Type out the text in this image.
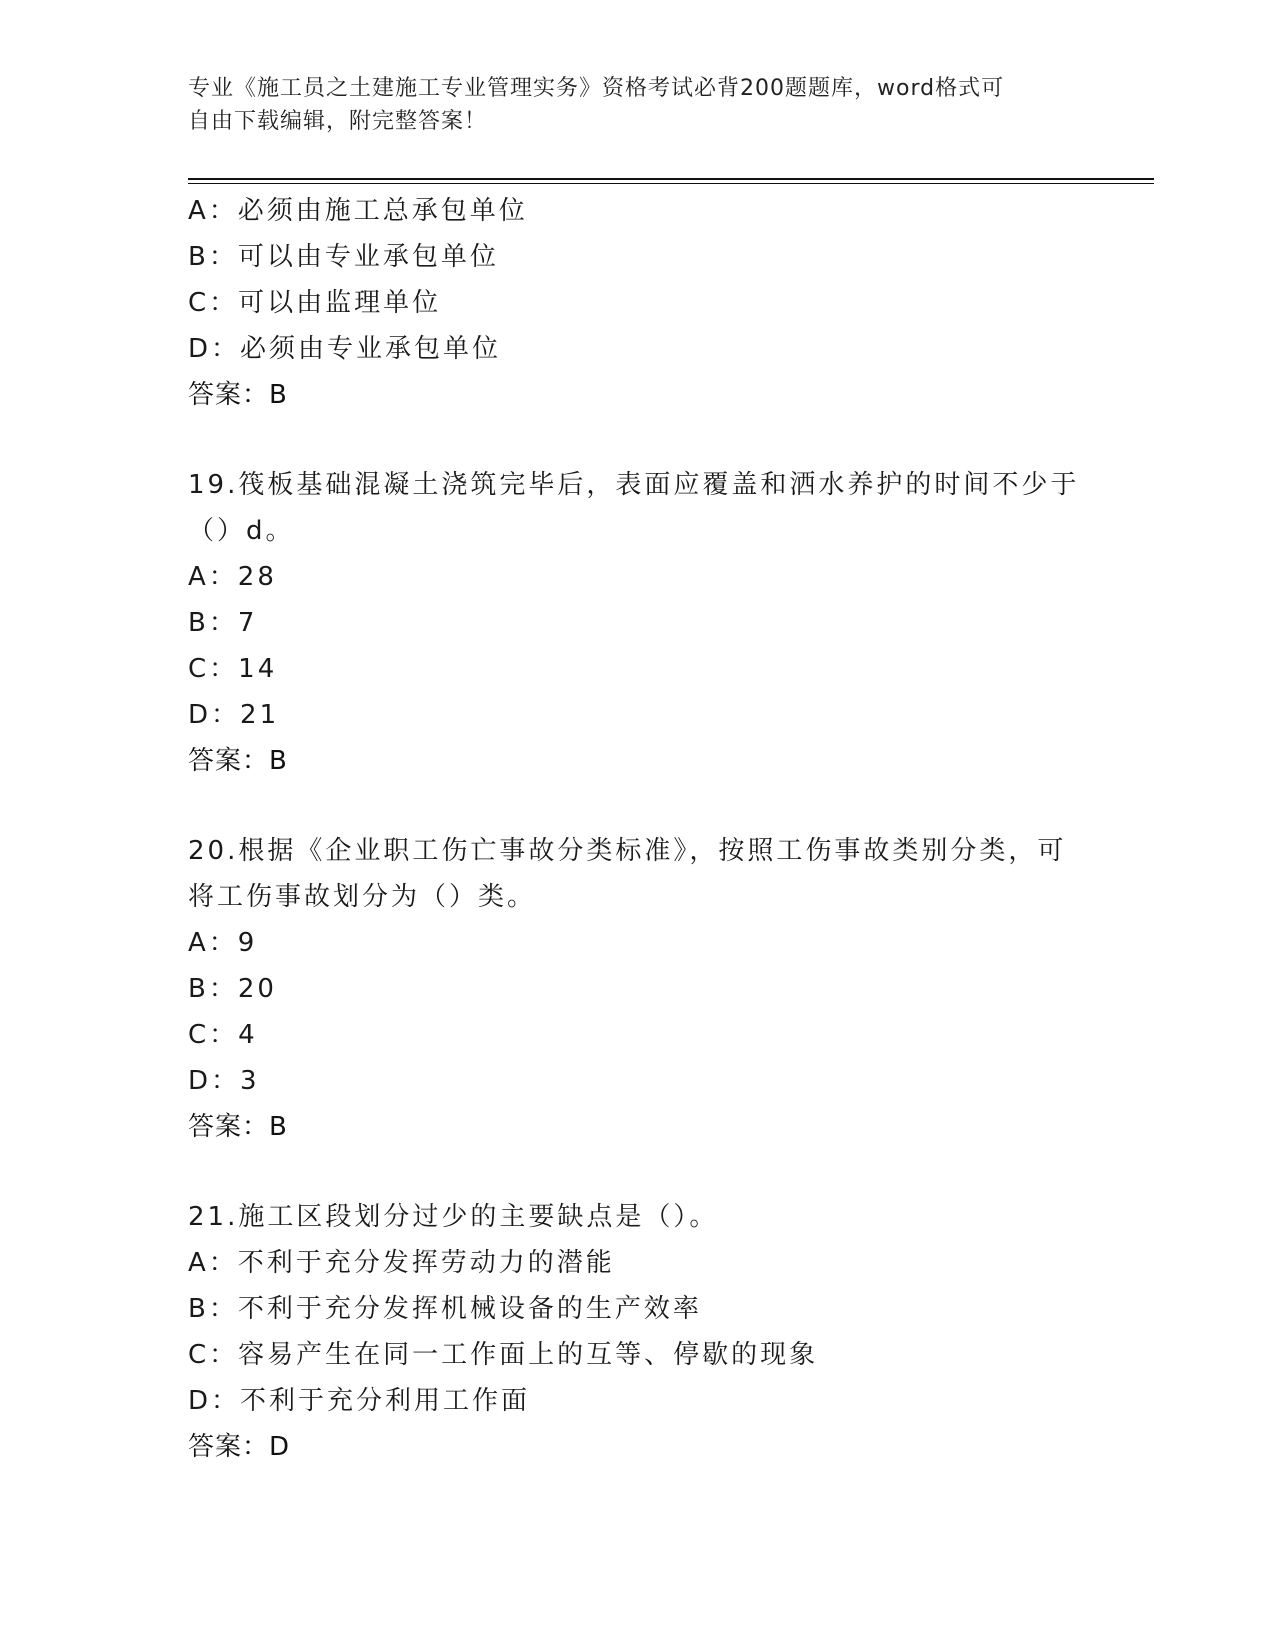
专业《施工员之土建施工专业管理实务》资格考试必背200题题库，word格式可
自由下载编辑，附完整答案！
A：必须由施工总承包单位
B：可以由专业承包单位
C：可以由监理单位
D：必须由专业承包单位
答案：B
19.筏板基础混凝土浇筑完毕后，表面应覆盖和洒水养护的时间不少于
（）d。
A：28
B：7
C：14
D：21
答案：B
20.根据《企业职工伤亡事故分类标准》，按照工伤事故类别分类，可
将工伤事故划分为（）类。
A：9
B：20
C：4
D：3
答案：B
21.施工区段划分过少的主要缺点是（）。
A：不利于充分发挥劳动力的潜能
B：不利于充分发挥机械设备的生产效率
C：容易产生在同一工作面上的互等、停歇的现象
D：不利于充分利用工作面
答案：D
